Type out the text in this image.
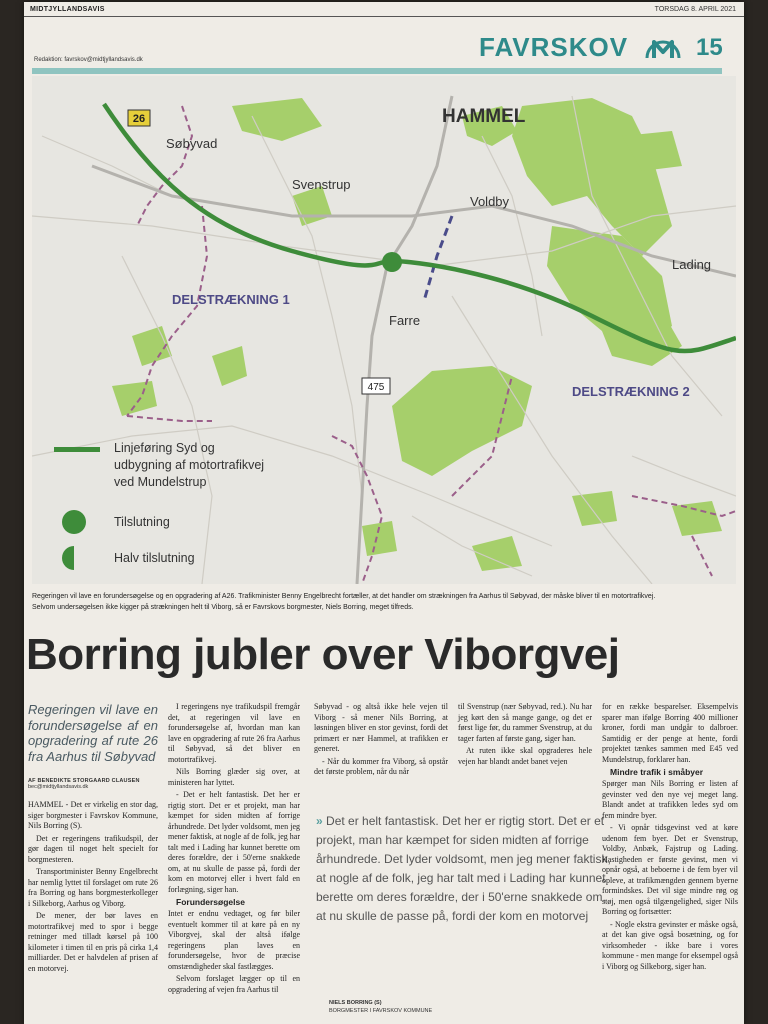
MIDTJYLLANDSAVIS	TORSDAG 8. APRIL 2021
FAVRSKOV	15
Redaktion: favrskov@midtjyllandsavis.dk
26
475
Søbyvad
HAMMEL
Svenstrup
Voldby
Lading
Farre
DELSTRÆKNING 1
DELSTRÆKNING 2
Linjeføring Syd og
udbygning af motortrafikvej
ved Mundelstrup
Tilslutning
Halv tilslutning
Regeringen vil lave en forundersøgelse og en opgradering af A26. Trafikminister Benny Engelbrecht fortæller, at det handler om strækningen fra Aarhus til Søbyvad, der måske bliver til en motortrafikvej.
Selvom undersøgelsen ikke kigger på strækningen helt til Viborg, så er Favrskovs borgmester, Niels Borring, meget tilfreds.
Borring jubler over Viborgvej
Regeringen vil lave en forundersøgelse af en opgradering af rute 26 fra Aarhus til Søbyvad
AF BENEDIKTE STORGAARD CLAUSEN
bec@midtjyllandsavis.dk

HAMMEL - Det er virkelig en stor dag, siger borgmester i Favrskov Kommune, Nils Borring (S).

Det er regeringens trafikudspil, der gør dagen til noget helt specielt for borgmesteren.

Transportminister Benny Engelbrecht har nemlig lyttet til forslaget om rute 26 fra Borring og hans borgmesterkolleger i Silkeborg, Aarhus og Viborg.

De mener, der bør laves en motortrafikvej med to spor i begge retninger med tilladt kørsel på 100 kilometer i timen til en pris på cirka 1,4 milliarder. Det er halvdelen af prisen af en motorvej.

I regeringens nye trafikudspil fremgår det, at regeringen vil lave en forundersøgelse af, hvordan man kan lave en opgradering af rute 26 fra Aarhus til Søbyvad, så det bliver en motortrafikvej.

Nils Borring glæder sig over, at ministeren har lyttet.

- Det er helt fantastisk. Det her er rigtig stort. Det er et projekt, man har kæmpet for siden midten af forrige århundrede. Det lyder voldsomt, men jeg mener faktisk, at nogle af de folk, jeg har talt med i Lading har kunnet berette om deres forældre, der i 50'erne snakkede om, at nu skulle de passe på, fordi der kom en motorvej eller i hvert fald en forlægning, siger han.

Forundersøgelse

Intet er endnu vedtaget, og før biler eventuelt kommer til at køre på en ny Viborgvej, skal der altså ifølge regeringens plan laves en forundersøgelse, hvor de præcise omstændigheder skal fastlægges.

Selvom forslaget lægger op til en opgradering af vejen fra Aarhus til

Søbyvad - og altså ikke hele vejen til Viborg - så mener Nils Borring, at løsningen bliver en stor gevinst, fordi det primært er nær Hammel, at trafikken er generet.

- Når du kommer fra Viborg, så opstår det første problem, når du når

til Svenstrup (nær Søbyvad, red.). Nu har jeg kørt den så mange gange, og det er først lige før, du rammer Svenstrup, at du tager farten af første gang, siger han.

At ruten ikke skal opgraderes hele vejen har blandt andet banet vejen

» Det er helt fantastisk. Det her er rigtig stort. Det er et projekt, man har kæmpet for siden midten af forrige århundrede. Det lyder voldsomt, men jeg mener faktisk, at nogle af de folk, jeg har talt med i Lading har kunnet berette om deres forældre, der i 50'erne snakkede om, at nu skulle de passe på, fordi der kom en motorvej
NIELS BORRING (S)
BORGMESTER I FAVRSKOV KOMMUNE

for en række besparelser. Eksempelvis sparer man ifølge Borring 400 millioner kroner, fordi man undgår to dalbroer. Samtidig er der penge at hente, fordi projektet tænkes sammen med E45 ved Mundelstrup, forklarer han.

Mindre trafik i småbyer

Spørger man Nils Borring er listen af gevinster ved den nye vej meget lang. Blandt andet at trafikken ledes syd om fem mindre byer.

- Vi opnår tidsgevinst ved at køre udenom fem byer. Det er Svenstrup, Voldby, Anbæk, Fajstrup og Lading. Hastigheden er første gevinst, men vi opnår også, at beboerne i de fem byer vil opleve, at trafikmængden gennem byerne formindskes. Det vil sige mindre røg og støj, men også tilgængelighed, siger Nils Borring og fortsætter:

- Nogle ekstra gevinster er måske også, at det kan give også bosætning, og for virksomheder - ikke bare i vores kommune - men mange for eksempel også i Viborg og Silkeborg, siger han.
